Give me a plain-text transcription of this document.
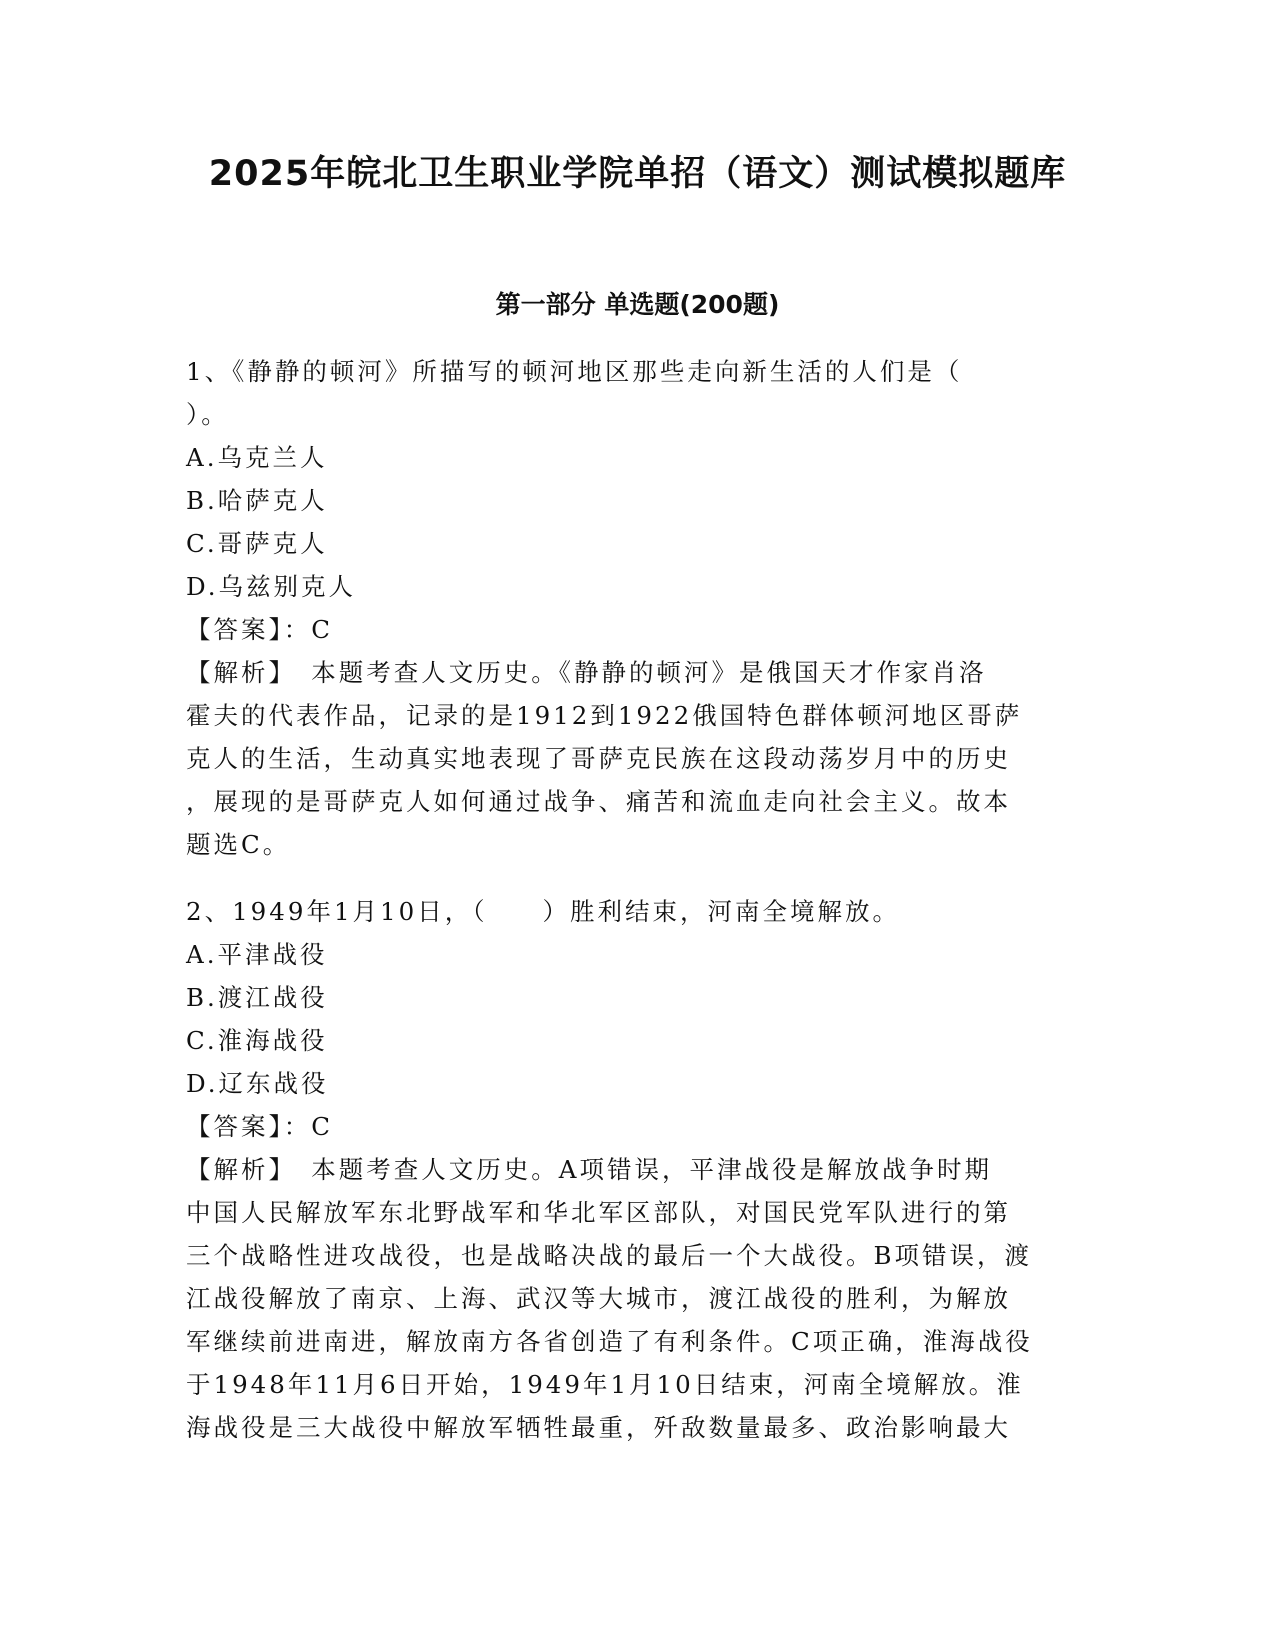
2025年皖北卫生职业学院单招（语文）测试模拟题库
第一部分 单选题(200题)
1、《静静的顿河》所描写的顿河地区那些走向新生活的人们是（
）。
A.乌克兰人
B.哈萨克人
C.哥萨克人
D.乌兹别克人
【答案】：C
【解析】　本题考查人文历史。《静静的顿河》是俄国天才作家肖洛
霍夫的代表作品，记录的是1912到1922俄国特色群体顿河地区哥萨
克人的生活，生动真实地表现了哥萨克民族在这段动荡岁月中的历史
，展现的是哥萨克人如何通过战争、痛苦和流血走向社会主义。故本
题选C。
2、1949年1月10日，（　　）胜利结束，河南全境解放。
A.平津战役
B.渡江战役
C.淮海战役
D.辽东战役
【答案】：C
【解析】　本题考查人文历史。A项错误，平津战役是解放战争时期
中国人民解放军东北野战军和华北军区部队，对国民党军队进行的第
三个战略性进攻战役，也是战略决战的最后一个大战役。B项错误，渡
江战役解放了南京、上海、武汉等大城市，渡江战役的胜利，为解放
军继续前进南进，解放南方各省创造了有利条件。C项正确，淮海战役
于1948年11月6日开始，1949年1月10日结束，河南全境解放。淮
海战役是三大战役中解放军牺牲最重，歼敌数量最多、政治影响最大
